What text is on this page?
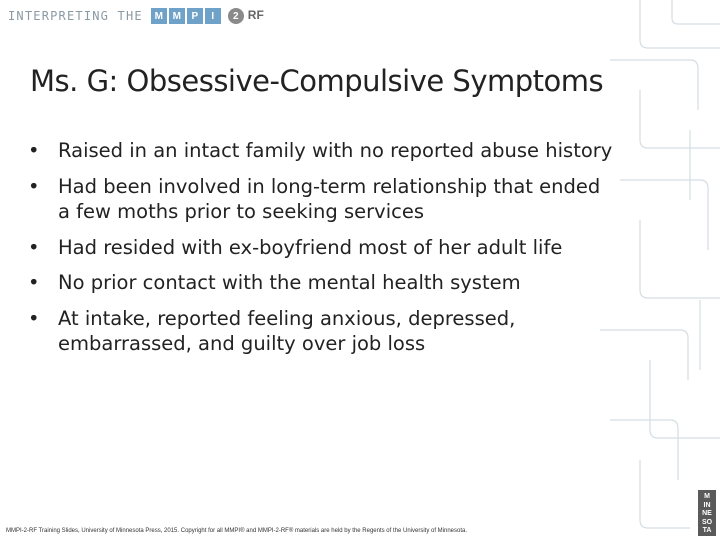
INTERPRETING THE	M M	P	I	2 RF
Ms. G: Obsessive-Compulsive Symptoms
• Raised in an intact family with no reported abuse history
• Had been involved in long-term relationship that ended a few moths prior to seeking services
• Had resided with ex-boyfriend most of her adult life
• No prior contact with the mental health system
• At intake, reported feeling anxious, depressed, embarrassed, and guilty over job loss
MMPI-2-RF Training Slides, University of Minnesota Press, 2015. Copyright for all MMPI® and MMPI-2-RF® materials are held by the Regents of the University of Minnesota.
M
IN
NE
SO
TA
